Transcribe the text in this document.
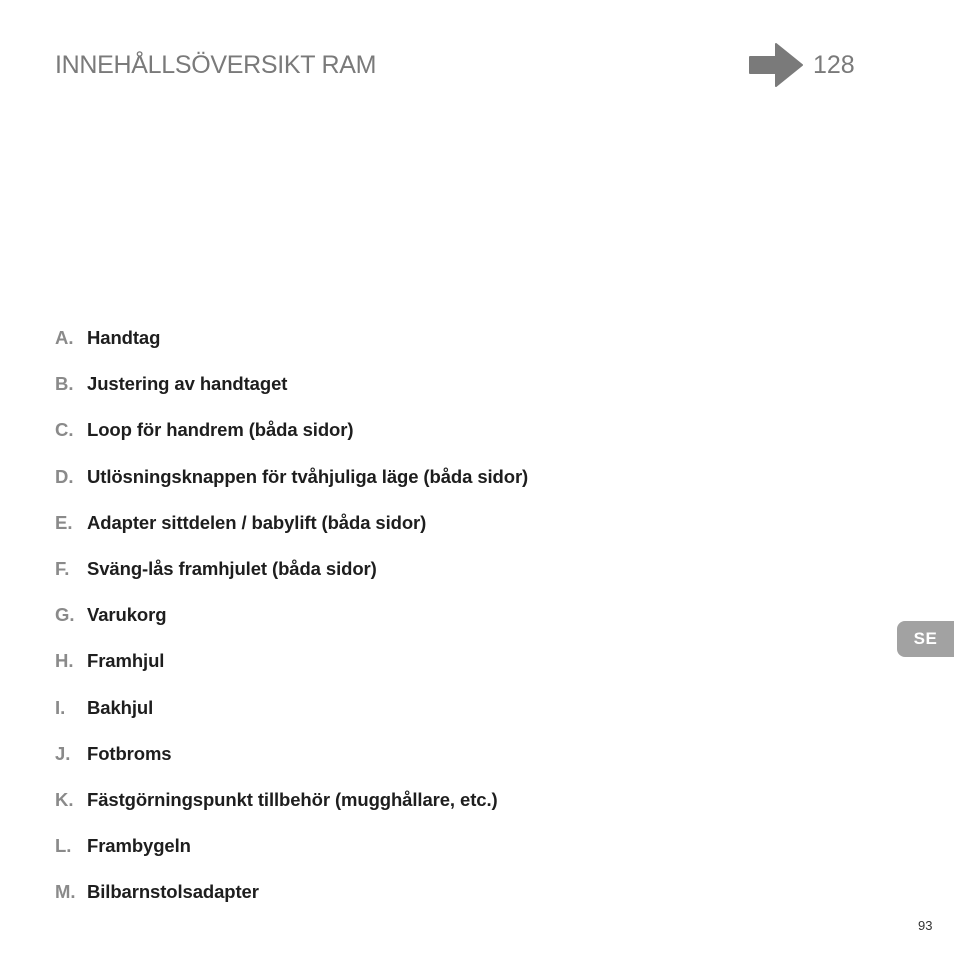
INNEHÅLLSÖVERSIKT RAM	128
A. Handtag
B. Justering av handtaget
C. Loop för handrem (båda sidor)
D. Utlösningsknappen för tvåhjuliga läge (båda sidor)
E. Adapter sittdelen / babylift (båda sidor)
F. Sväng-lås framhjulet (båda sidor)
G. Varukorg
H. Framhjul
I.	Bakhjul
J. Fotbroms
K. Fästgörningspunkt tillbehör (mugghållare, etc.)
L. Frambygeln
M. Bilbarnstolsadapter
SE
93
